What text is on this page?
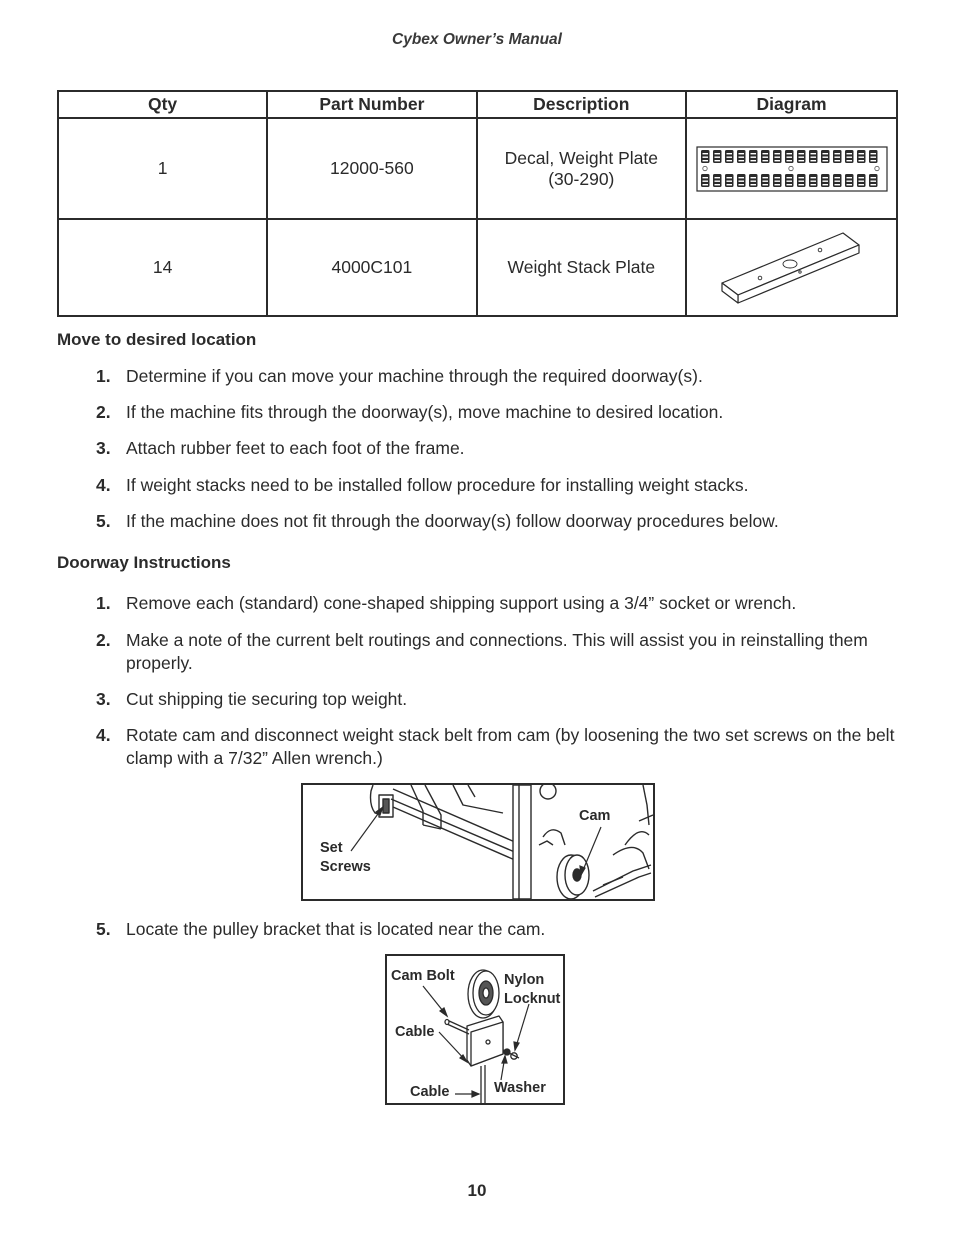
Cybex Owner’s Manual
Qty	Part Number	Description	Diagram
1	12000-560	Decal, Weight Plate
(30-290)

14	4000C101	Weight Stack Plate

Move to desired location
1. Determine if you can move your machine through the required doorway(s).
2. If the machine fits through the doorway(s), move machine to desired location.
3. Attach rubber feet to each foot of the frame.
4. If weight stacks need to be installed follow procedure for installing weight stacks.
5. If the machine does not fit through the doorway(s) follow doorway procedures below.
Doorway Instructions
1. Remove each (standard) cone-shaped shipping support using a 3/4” socket or wrench.
2. Make a note of the current belt routings and connections. This will assist you in reinstalling them properly.
3. Cut shipping tie securing top weight.
4. Rotate cam and disconnect weight stack belt from cam (by loosening the two set screws on the belt clamp with a 7/32” Allen wrench.)
Set
Screws
Cam
5. Locate the pulley bracket that is located near the cam.
Cam Bolt	Nylon
Locknut
Cable
Cable	Washer
10
